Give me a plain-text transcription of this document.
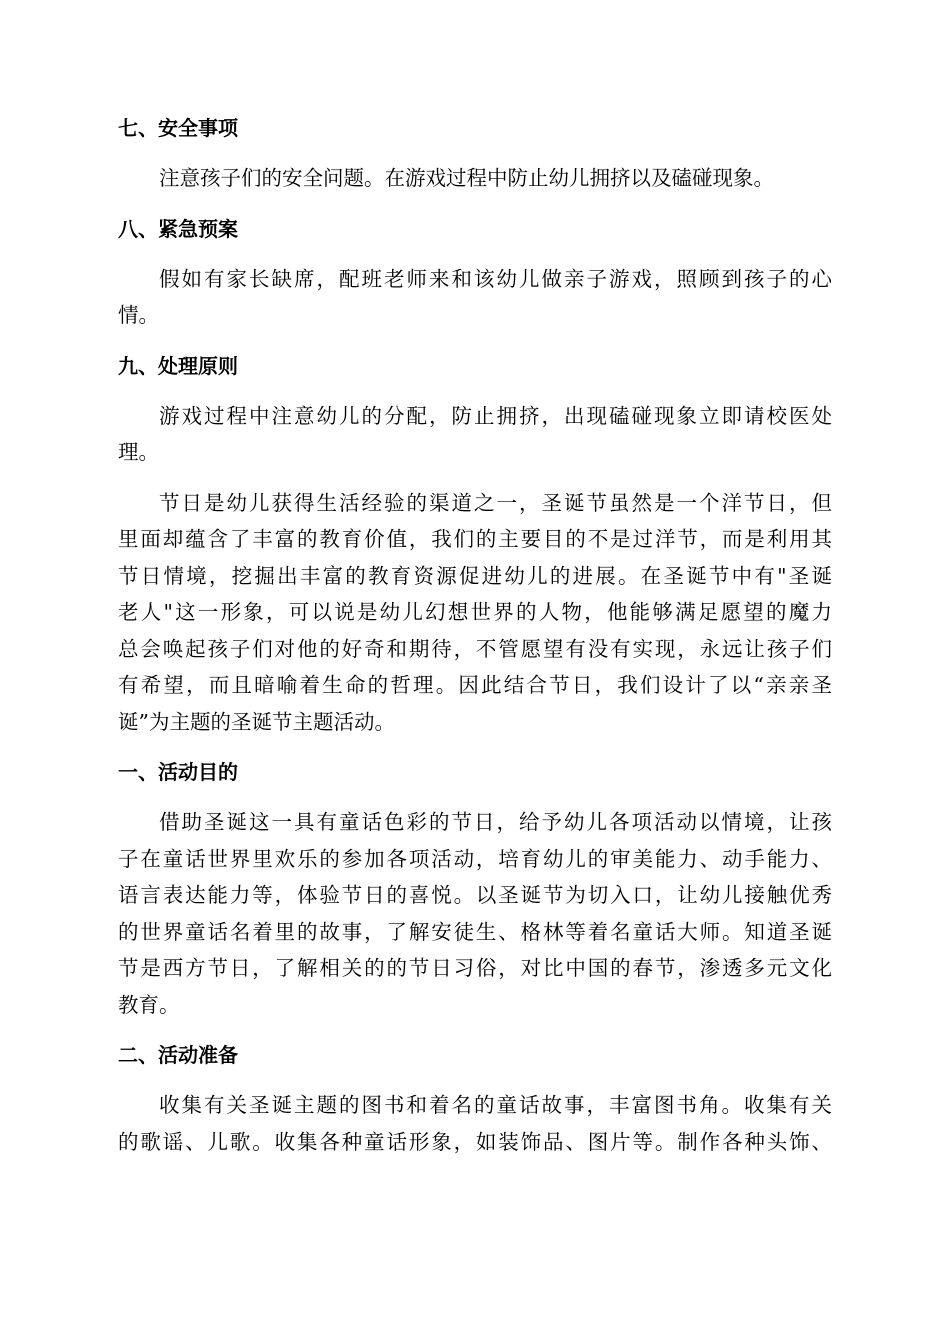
七、安全事项

注意孩子们的安全问题。在游戏过程中防止幼儿拥挤以及磕碰现象。

八、紧急预案

假如有家长缺席，配班老师来和该幼儿做亲子游戏，照顾到孩子的心
情。

九、处理原则

游戏过程中注意幼儿的分配，防止拥挤，出现磕碰现象立即请校医处
理。

节日是幼儿获得生活经验的渠道之一，圣诞节虽然是一个洋节日，但
里面却蕴含了丰富的教育价值，我们的主要目的不是过洋节，而是利用其
节日情境，挖掘出丰富的教育资源促进幼儿的进展。在圣诞节中有"圣诞
老人"这一形象，可以说是幼儿幻想世界的人物，他能够满足愿望的魔力
总会唤起孩子们对他的好奇和期待，不管愿望有没有实现，永远让孩子们
有希望，而且暗喻着生命的哲理。因此结合节日，我们设计了以“亲亲圣
诞”为主题的圣诞节主题活动。

一、活动目的

借助圣诞这一具有童话色彩的节日，给予幼儿各项活动以情境，让孩
子在童话世界里欢乐的参加各项活动，培育幼儿的审美能力、动手能力、
语言表达能力等，体验节日的喜悦。以圣诞节为切入口，让幼儿接触优秀
的世界童话名着里的故事，了解安徒生、格林等着名童话大师。知道圣诞
节是西方节日，了解相关的的节日习俗，对比中国的春节，渗透多元文化
教育。

二、活动准备

收集有关圣诞主题的图书和着名的童话故事，丰富图书角。收集有关
的歌谣、儿歌。收集各种童话形象，如装饰品、图片等。制作各种头饰、
